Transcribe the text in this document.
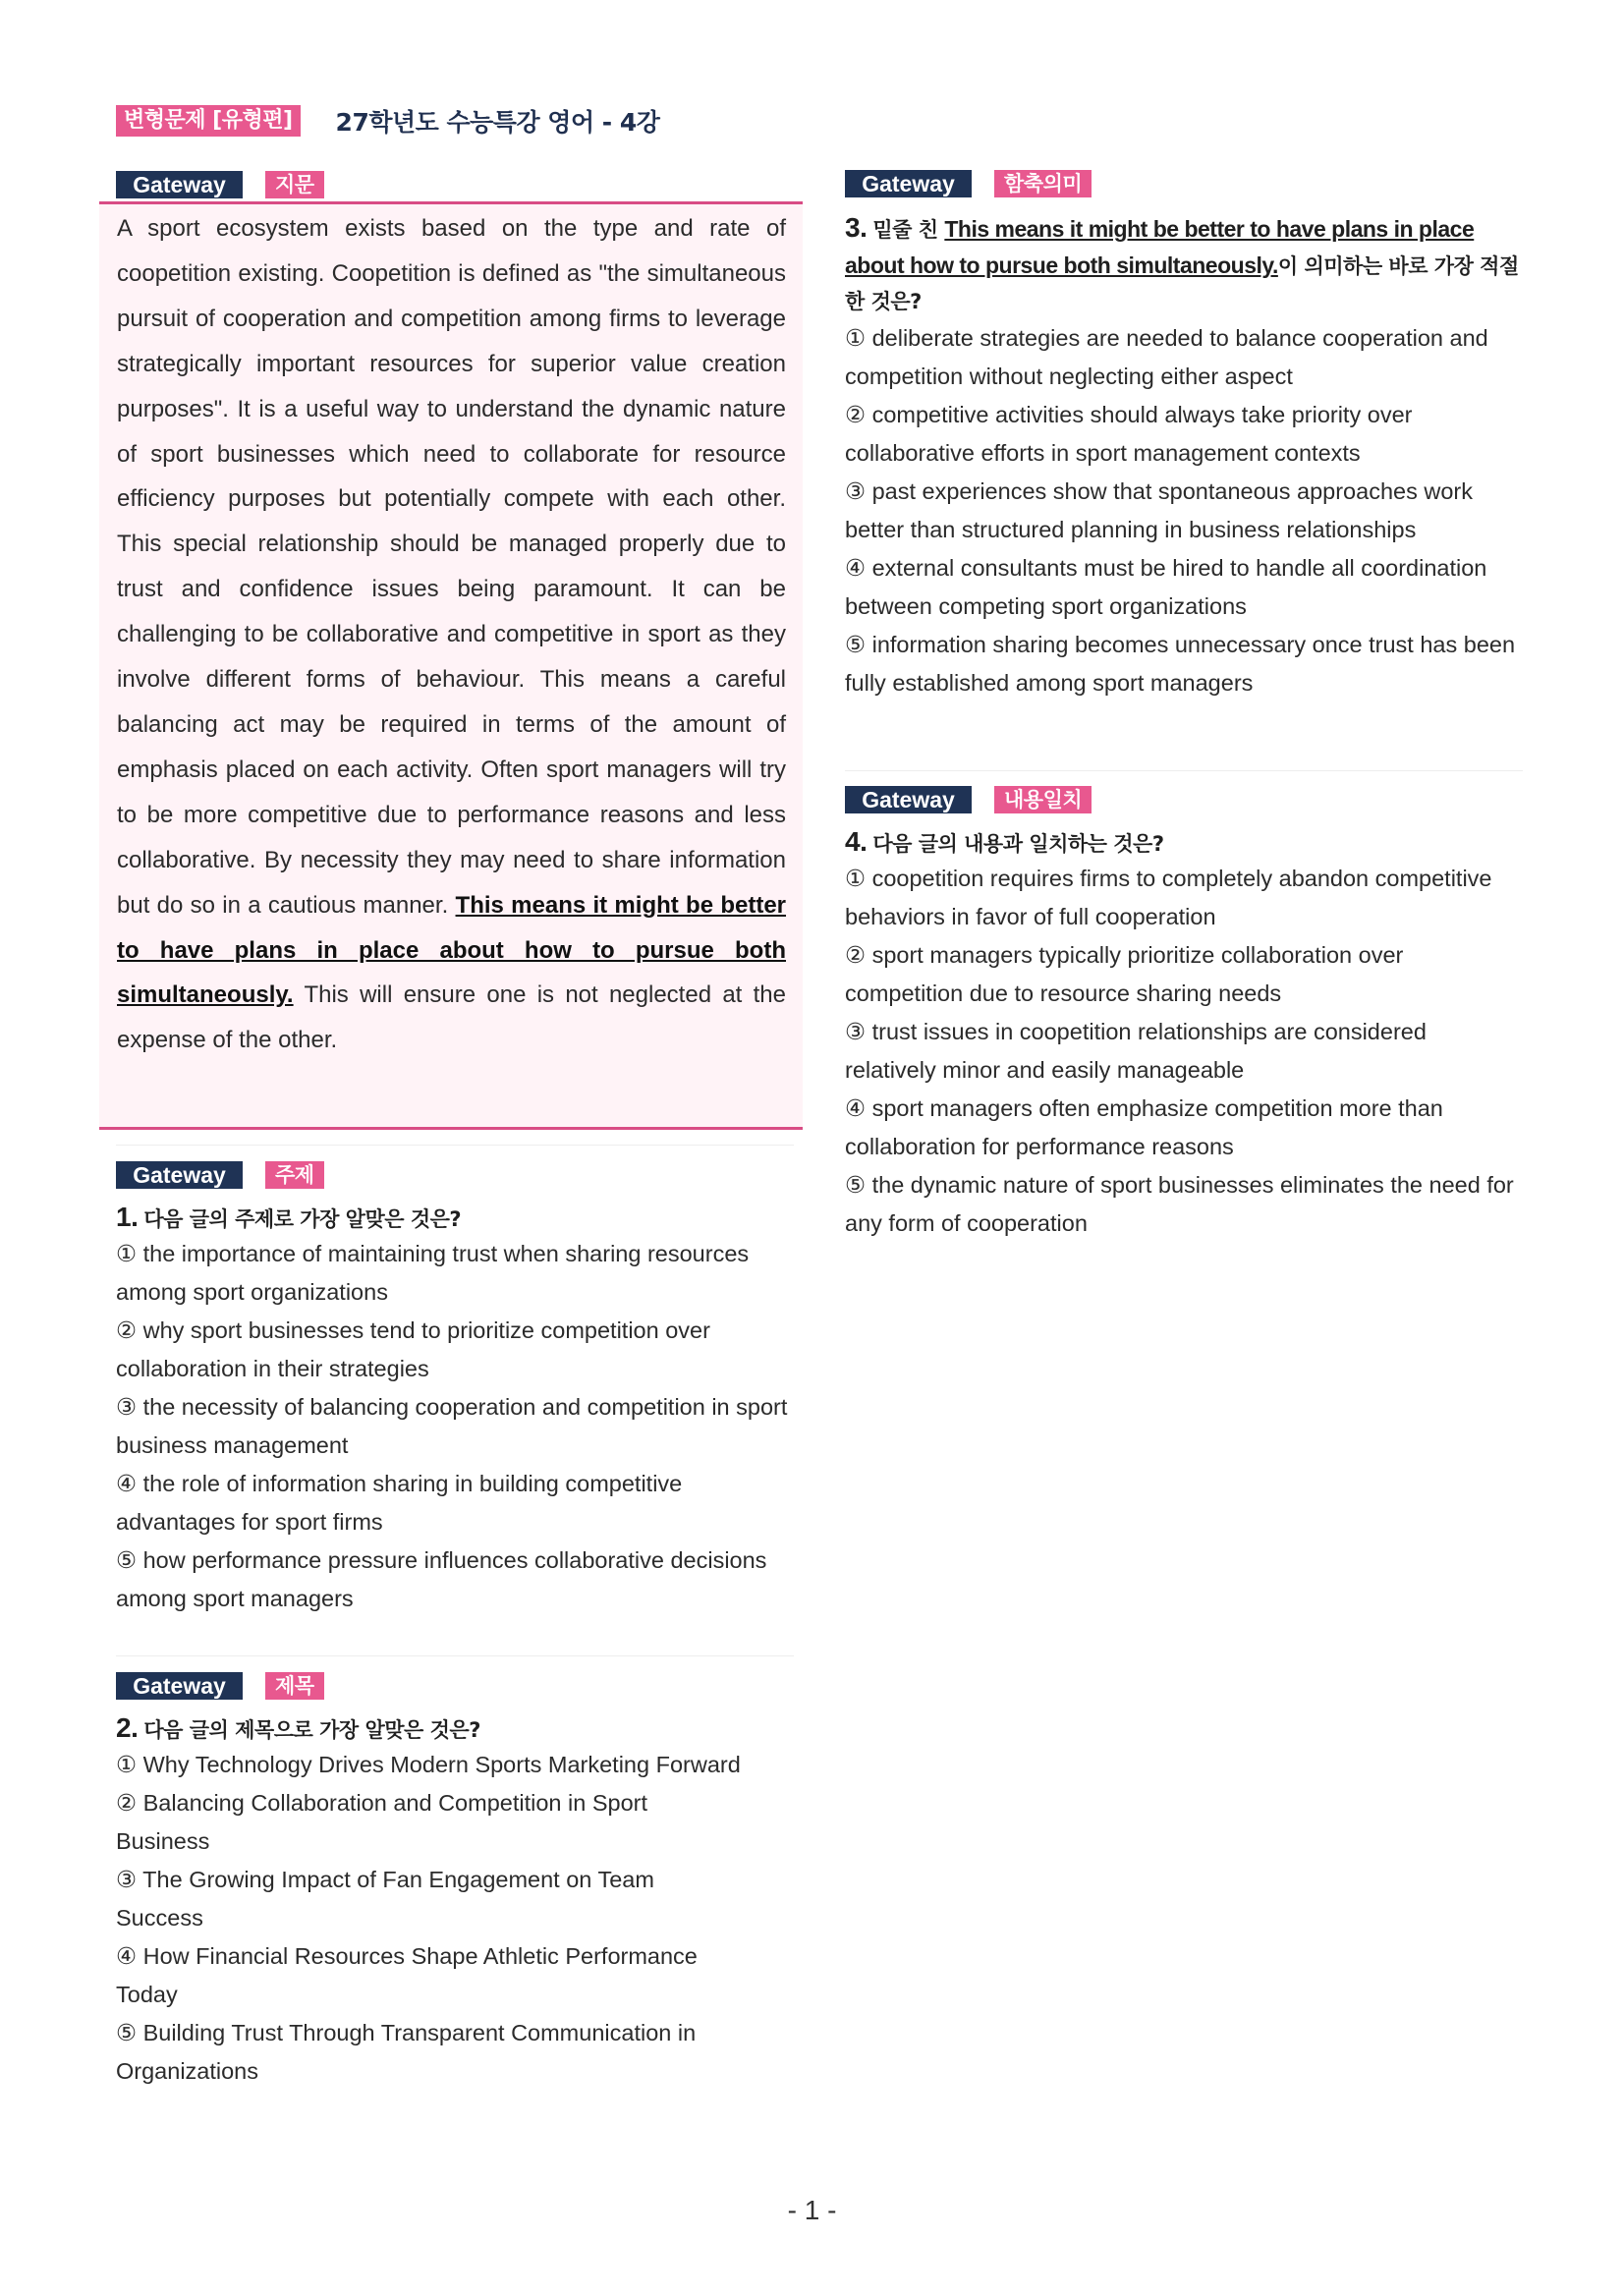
변형문제 [유형편]	27학년도 수능특강 영어 - 4강
Gateway	지문
A sport ecosystem exists based on the type and rate of coopetition existing. Coopetition is defined as "the simultaneous pursuit of cooperation and competition among firms to leverage strategically important resources for superior value creation purposes". It is a useful way to understand the dynamic nature of sport businesses which need to collaborate for resource efficiency purposes but potentially compete with each other. This special relationship should be managed properly due to trust and confidence issues being paramount. It can be challenging to be collaborative and competitive in sport as they involve different forms of behaviour. This means a careful balancing act may be required in terms of the amount of emphasis placed on each activity. Often sport managers will try to be more competitive due to performance reasons and less collaborative. By necessity they may need to share information but do so in a cautious manner. This means it might be better to have plans in place about how to pursue both simultaneously. This will ensure one is not neglected at the expense of the other.
Gateway	주제
1. 다음 글의 주제로 가장 알맞은 것은?
① the importance of maintaining trust when sharing resources among sport organizations
② why sport businesses tend to prioritize competition over collaboration in their strategies
③ the necessity of balancing cooperation and competition in sport business management
④ the role of information sharing in building competitive advantages for sport firms
⑤ how performance pressure influences collaborative decisions among sport managers
Gateway	제목
2. 다음 글의 제목으로 가장 알맞은 것은?
① Why Technology Drives Modern Sports Marketing Forward
② Balancing Collaboration and Competition in Sport Business
③ The Growing Impact of Fan Engagement on Team Success
④ How Financial Resources Shape Athletic Performance Today
⑤ Building Trust Through Transparent Communication in Organizations
Gateway	함축의미
3. 밑줄 친 This means it might be better to have plans in place about how to pursue both simultaneously.이 의미하는 바로 가장 적절한 것은?
① deliberate strategies are needed to balance cooperation and competition without neglecting either aspect
② competitive activities should always take priority over collaborative efforts in sport management contexts
③ past experiences show that spontaneous approaches work better than structured planning in business relationships
④ external consultants must be hired to handle all coordination between competing sport organizations
⑤ information sharing becomes unnecessary once trust has been fully established among sport managers
Gateway	내용일치
4. 다음 글의 내용과 일치하는 것은?
① coopetition requires firms to completely abandon competitive behaviors in favor of full cooperation
② sport managers typically prioritize collaboration over competition due to resource sharing needs
③ trust issues in coopetition relationships are considered relatively minor and easily manageable
④ sport managers often emphasize competition more than collaboration for performance reasons
⑤ the dynamic nature of sport businesses eliminates the need for any form of cooperation
- 1 -
